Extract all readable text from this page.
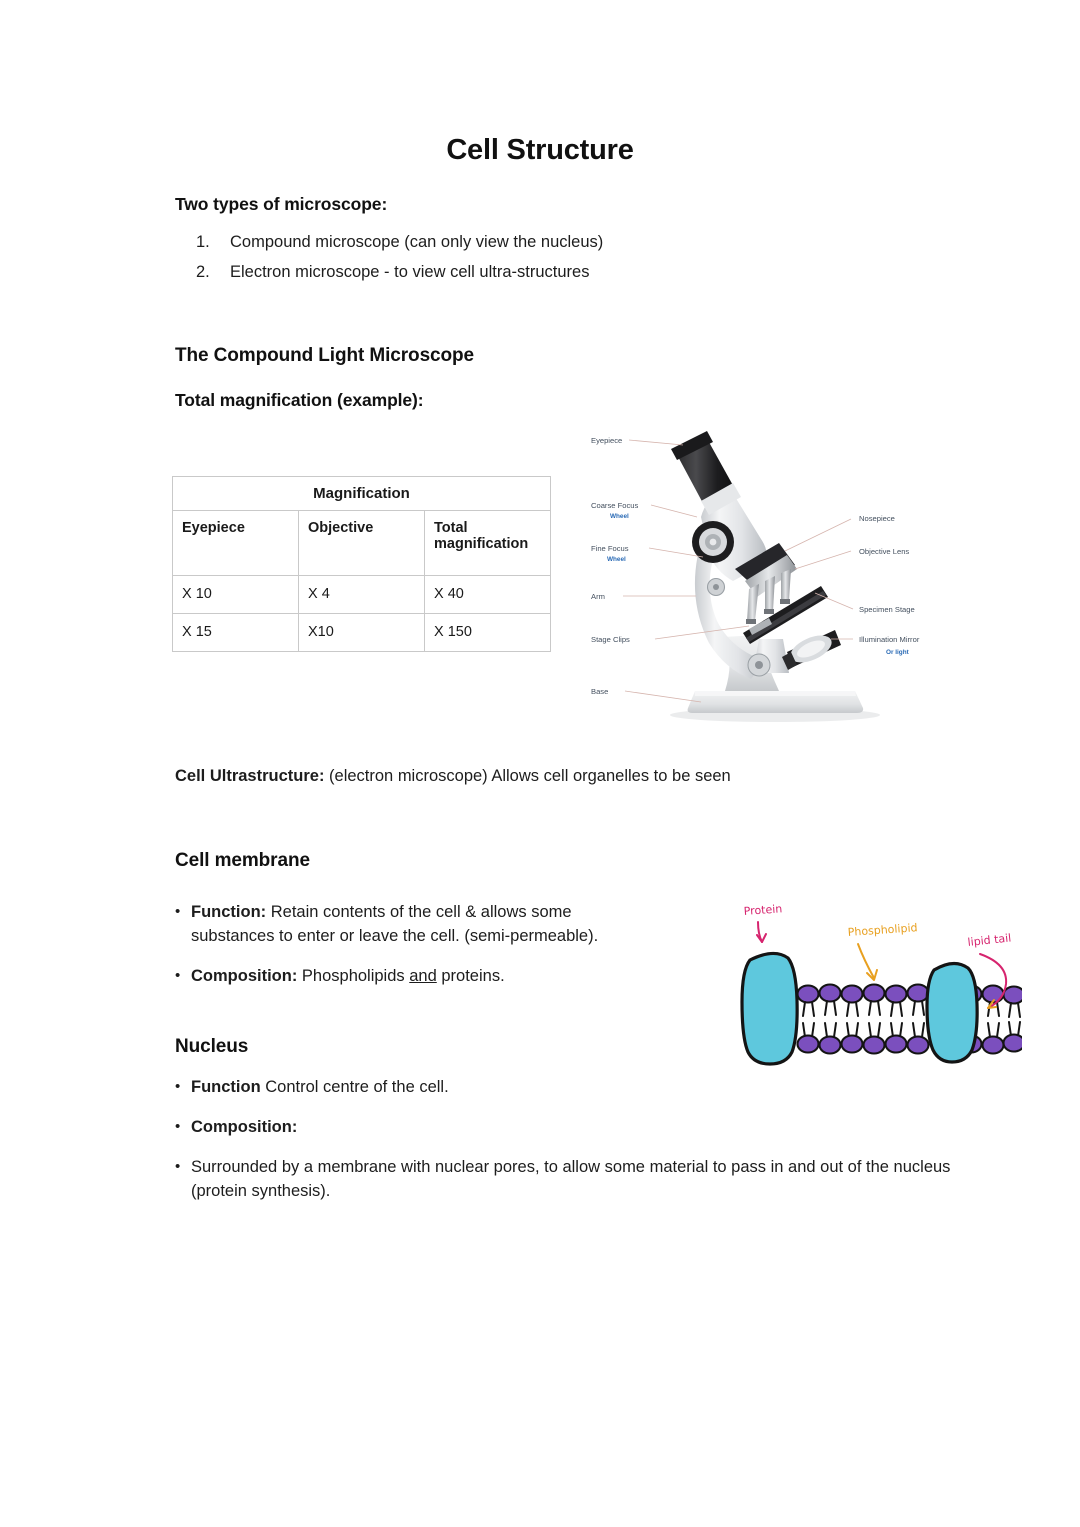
Cell Structure
Two types of microscope:
1.	Compound microscope (can only view the nucleus)
2.	Electron microscope - to view cell ultra-structures
The Compound Light Microscope
Total magnification (example):
Magnification		
Eyepiece	Objective	Total magnification
X 10	X 4	X 40
X 15	X10	X 150
Eyepiece
Coarse Focus
Wheel
Fine Focus
Wheel
Arm
Stage Clips
Base
Nosepiece
Objective Lens
Specimen Stage
Illumination Mirror
Or light
Cell Ultrastructure: (electron microscope) Allows cell organelles to be seen
Cell membrane
• Function: Retain contents of the cell & allows some substances to enter or leave the cell. (semi-permeable).
• Composition: Phospholipids and proteins.
Protein
Phospholipid
lipid tail
Nucleus
• Function Control centre of the cell.
• Composition:
• Surrounded by a membrane with nuclear pores, to allow some material to pass in and out of the nucleus (protein synthesis).
